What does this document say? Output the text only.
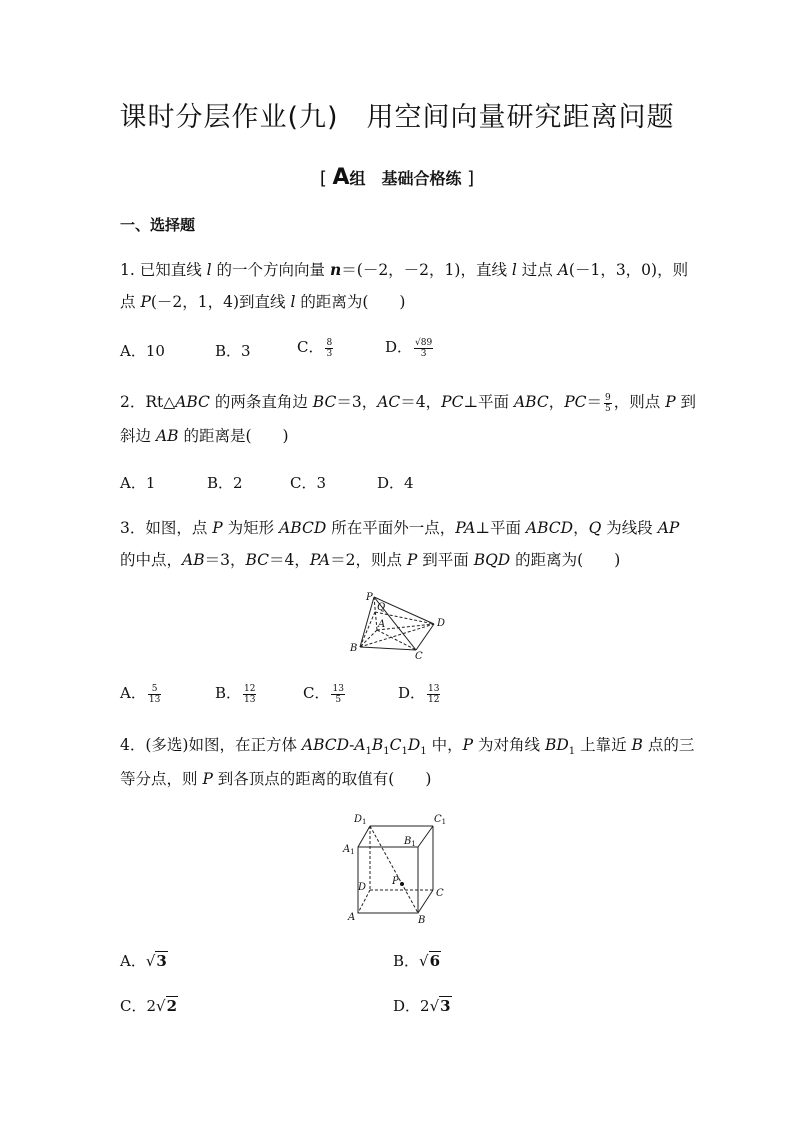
课时分层作业(九)　用空间向量研究距离问题
[ A组　基础合格练 ]
一、选择题
1. 已知直线 l 的一个方向向量 n＝(－2，－2，1)，直线 l 过点 A(－1，3，0)，则
点 P(－2，1，4)到直线 l 的距离为(　　)
A．10	B．3	C． $\frac{8}{3}$	D． $\frac{√89}{3}$
2．Rt△ABC 的两条直角边 BC＝3，AC＝4，PC⊥平面 ABC，$PC= \frac{9}{5}$ ，则点 P 到
斜边 AB 的距离是(　　)
A．1	B．2	C．3	D．4
3．如图，点 P 为矩形 ABCD 所在平面外一点，PA⊥平面 ABCD，Q 为线段 AP
的中点，AB＝3，BC＝4，PA＝2，则点 P 到平面 BQD 的距离为(　　)
P
Q
A
B
C
D
A． $\frac{5}{13}$	B． $\frac{12}{13}$	C． $\frac{13}{5}$	D． $\frac{13}{12}$
4．(多选)如图，在正方体 ABCD-$A_1B_1C_1D_1$ 中，P 为对角线 $BD_1$ 上靠近 B 点的三
等分点，则 P 到各顶点的距离的取值有(　　)
$D_1$	$C_1$
$A_1$
$B_1$
D
P
C
A	B
A．√3	B．√6
C．2√2	D．2√3
